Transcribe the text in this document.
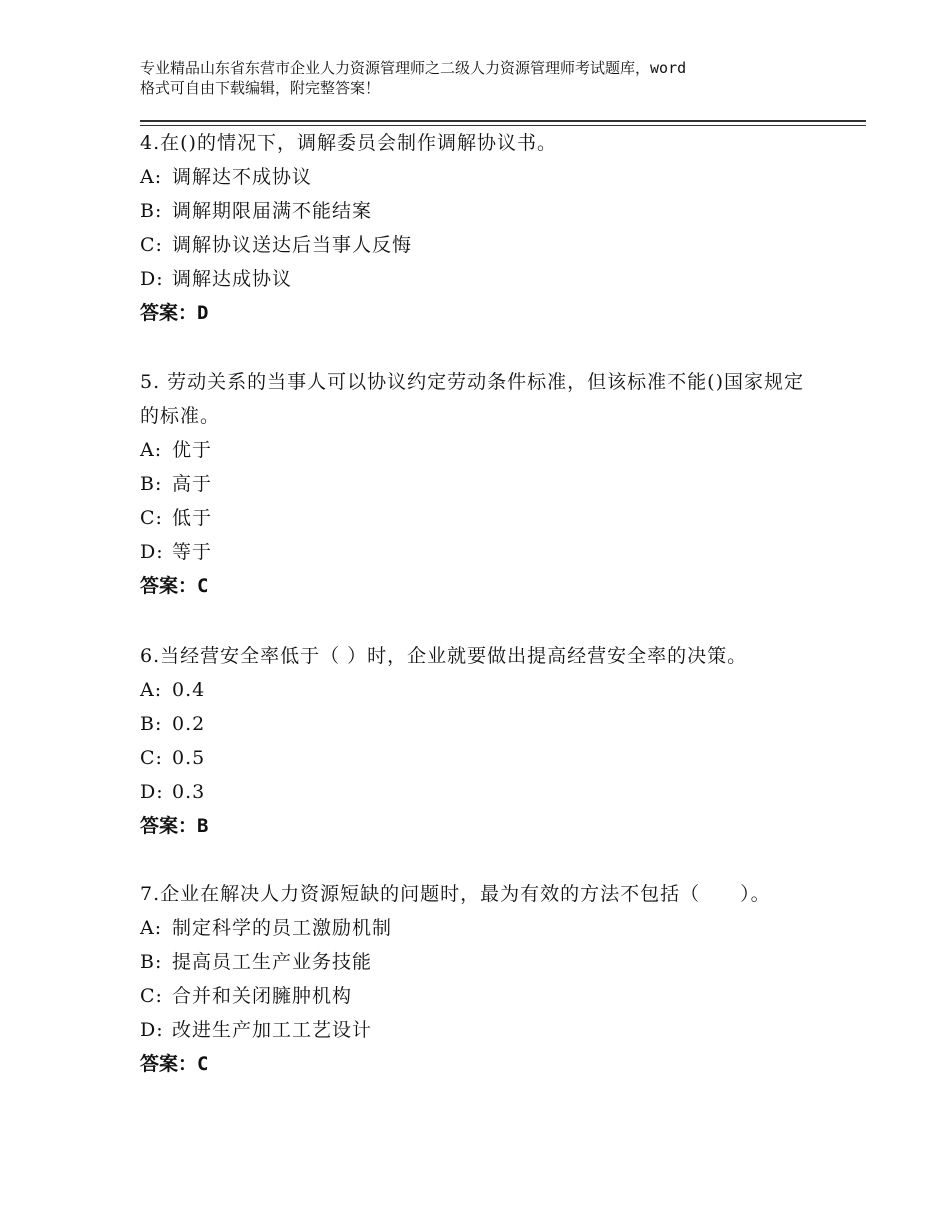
专业精品山东省东营市企业人力资源管理师之二级人力资源管理师考试题库，word
格式可自由下载编辑，附完整答案！
4.在()的情况下，调解委员会制作调解协议书。
A: 调解达不成协议
B: 调解期限届满不能结案
C: 调解协议送达后当事人反悔
D: 调解达成协议
答案：D
5. 劳动关系的当事人可以协议约定劳动条件标准，但该标准不能()国家规定的标准。
A: 优于
B: 高于
C: 低于
D: 等于
答案：C
6.当经营安全率低于（ ）时，企业就要做出提高经营安全率的决策。
A: 0.4
B: 0.2
C: 0.5
D: 0.3
答案：B
7.企业在解决人力资源短缺的问题时，最为有效的方法不包括（　　）。
A: 制定科学的员工激励机制
B: 提高员工生产业务技能
C: 合并和关闭臃肿机构
D: 改进生产加工工艺设计
答案：C
